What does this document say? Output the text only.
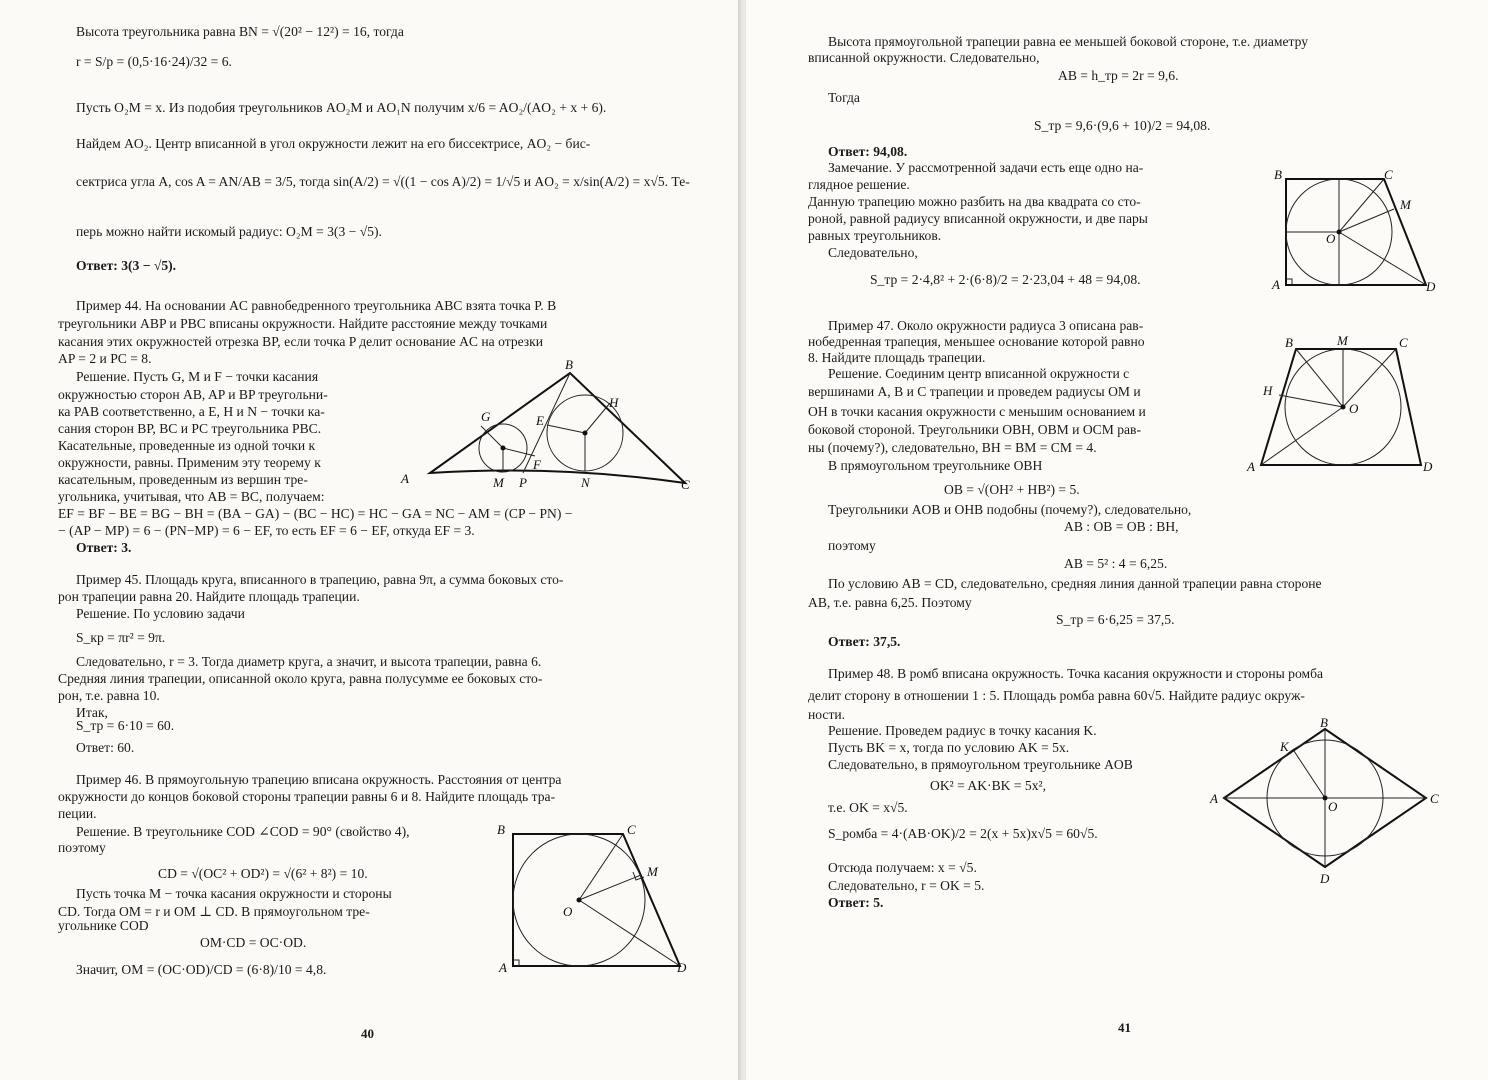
Высота треугольника равна BN = √(20² − 12²) = 16, тогда
r = S/p = (0,5·16·24)/32 = 6.
Пусть O₂M = x. Из подобия треугольников AO₂M и AO₁N получим x/6 = AO₂/(AO₂ + x + 6).
Найдем AO₂. Центр вписанной в угол окружности лежит на его биссектрисе, AO₂ − бис-
сектриса угла A, cos A = AN/AB = 3/5, тогда sin(A/2) = √((1 − cos A)/2) = 1/√5 и AO₂ = x/sin(A/2) = x√5. Те-
перь можно найти искомый радиус: O₂M = 3(3 − √5).
Ответ: 3(3 − √5).
Пример 44. На основании AC равнобедренного треугольника ABC взята точка P. В
треугольники ABP и PBC вписаны окружности. Найдите расстояние между точками
касания этих окружностей отрезка BP, если точка P делит основание AC на отрезки
AP = 2 и PC = 8.
Решение. Пусть G, M и F − точки касания
окружностью сторон AB, AP и BP треугольни-
ка PAB соответственно, а E, H и N − точки ка-
сания сторон BP, BC и PC треугольника PBC.
Касательные, проведенные из одной точки к
окружности, равны. Применим эту теорему к
касательным, проведенным из вершин тре-
угольника, учитывая, что AB = BC, получаем:
EF = BF − BE = BG − BH = (BA − GA) − (BC − HC) = HC − GA = NC − AM = (CP − PN) −
− (AP − MP) = 6 − (PN−MP) = 6 − EF, то есть EF = 6 − EF, откуда EF = 3.
Ответ: 3.
Пример 45. Площадь круга, вписанного в трапецию, равна 9π, а сумма боковых сто-
рон трапеции равна 20. Найдите площадь трапеции.
Решение. По условию задачи
S_кр = πr² = 9π.
Следовательно, r = 3. Тогда диаметр круга, а значит, и высота трапеции, равна 6.
Средняя линия трапеции, описанной около круга, равна полусумме ее боковых сто-
рон, т.е. равна 10.
Итак,
S_тр = 6·10 = 60.
Ответ: 60.
Пример 46. В прямоугольную трапецию вписана окружность. Расстояния от центра
окружности до концов боковой стороны трапеции равны 6 и 8. Найдите площадь тра-
пеции.
Решение. В треугольнике COD ∠COD = 90° (свойство 4),
поэтому
CD = √(OC² + OD²) = √(6² + 8²) = 10.
Пусть точка M − точка касания окружности и стороны
CD. Тогда OM = r и OM ⊥ CD. В прямоугольном тре-
угольнике COD
OM·CD = OC·OD.
Значит, OM = (OC·OD)/CD = (6·8)/10 = 4,8.
B
A	C
M P	N
G
F
E
H
B	C
M
O
A	D
40
Высота прямоугольной трапеции равна ее меньшей боковой стороне, т.е. диаметру
вписанной окружности. Следовательно,
AB = h_тр = 2r = 9,6.
Тогда
S_тр = 9,6·(9,6 + 10)/2 = 94,08.
Ответ: 94,08.
Замечание. У рассмотренной задачи есть еще одно на-
глядное решение.
Данную трапецию можно разбить на два квадрата со сто-
роной, равной радиусу вписанной окружности, и две пары
равных треугольников.
Следовательно,
S_тр = 2·4,8² + 2·(6·8)/2 = 2·23,04 + 48 = 94,08.
Пример 47. Около окружности радиуса 3 описана рав-
нобедренная трапеция, меньшее основание которой равно
8. Найдите площадь трапеции.
Решение. Соединим центр вписанной окружности с
вершинами A, B и C трапеции и проведем радиусы OM и
OH в точки касания окружности с меньшим основанием и
боковой стороной. Треугольники OBH, OBM и OCM рав-
ны (почему?), следовательно, BH = BM = CM = 4.
В прямоугольном треугольнике OBH
OB = √(OH² + HB²) = 5.
Треугольники AOB и OHB подобны (почему?), следовательно,
AB : OB = OB : BH,
поэтому
AB = 5² : 4 = 6,25.
По условию AB = CD, следовательно, средняя линия данной трапеции равна стороне
AB, т.е. равна 6,25. Поэтому
S_тр = 6·6,25 = 37,5.
Ответ: 37,5.
Пример 48. В ромб вписана окружность. Точка касания окружности и стороны ромба
делит сторону в отношении 1 : 5. Площадь ромба равна 60√5. Найдите радиус окруж-
ности.
Решение. Проведем радиус в точку касания K.
Пусть BK = x, тогда по условию AK = 5x.
Следовательно, в прямоугольном треугольнике AOB
OK² = AK·BK = 5x²,
т.е. OK = x√5.
S_ромба = 4·(AB·OK)/2 = 2(x + 5x)x√5 = 60√5.
Отсюда получаем: x = √5.
Следовательно, r = OK = 5.
Ответ: 5.
B	C
M
O
A	D
B	M	C
H
O
A	D
B
K
A
O
C
D
41
